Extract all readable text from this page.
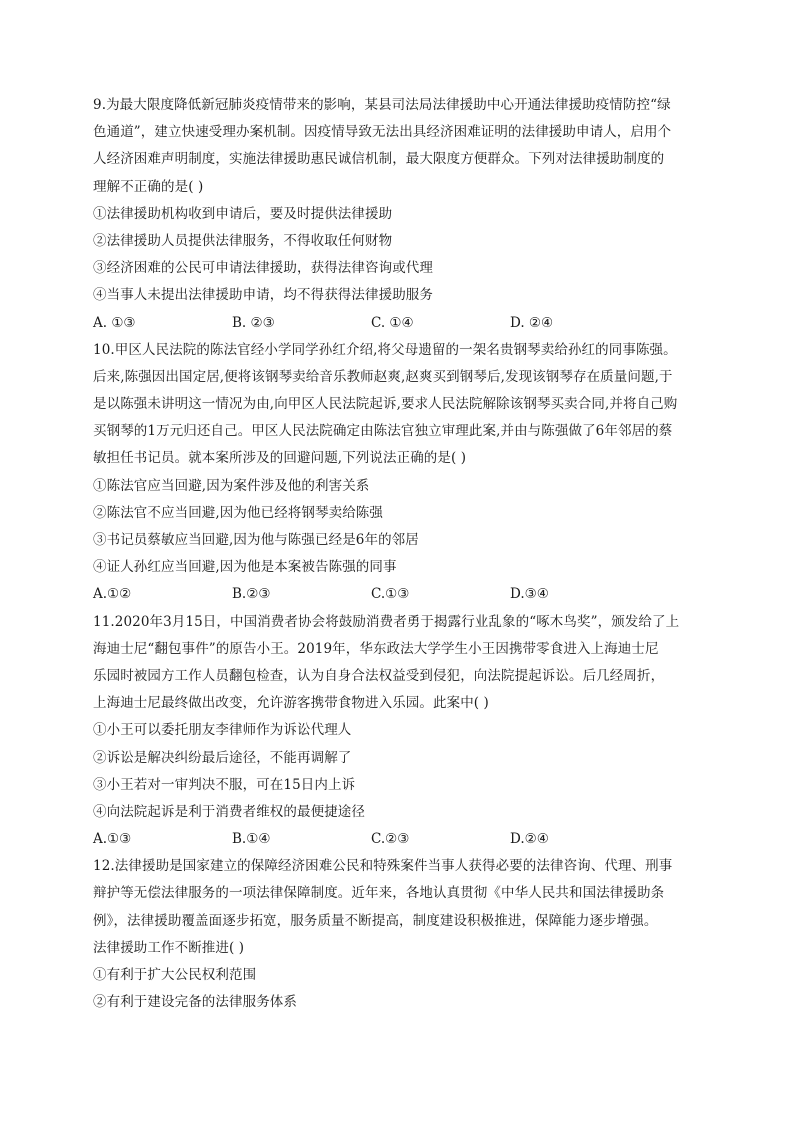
9.为最大限度降低新冠肺炎疫情带来的影响，某县司法局法律援助中心开通法律援助疫情防控“绿
色通道”，建立快速受理办案机制。因疫情导致无法出具经济困难证明的法律援助申请人，启用个
人经济困难声明制度，实施法律援助惠民诚信机制，最大限度方便群众。下列对法律援助制度的
理解不正确的是( )
①法律援助机构收到申请后，要及时提供法律援助
②法律援助人员提供法律服务，不得收取任何财物
③经济困难的公民可申请法律援助，获得法律咨询或代理
④当事人未提出法律援助申请，均不得获得法律援助服务
A. ①③	B. ②③	C. ①④	D. ②④
10.甲区人民法院的陈法官经小学同学孙红介绍,将父母遗留的一架名贵钢琴卖给孙红的同事陈强。
后来,陈强因出国定居,便将该钢琴卖给音乐教师赵爽,赵爽买到钢琴后,发现该钢琴存在质量问题,于
是以陈强未讲明这一情况为由,向甲区人民法院起诉,要求人民法院解除该钢琴买卖合同,并将自己购
买钢琴的1万元归还自己。甲区人民法院确定由陈法官独立审理此案,并由与陈强做了6年邻居的蔡
敏担任书记员。就本案所涉及的回避问题,下列说法正确的是( )
①陈法官应当回避,因为案件涉及他的利害关系
②陈法官不应当回避,因为他已经将钢琴卖给陈强
③书记员蔡敏应当回避,因为他与陈强已经是6年的邻居
④证人孙红应当回避,因为他是本案被告陈强的同事
A.①②	B.②③	C.①③	D.③④
11.2020年3月15日，中国消费者协会将鼓励消费者勇于揭露行业乱象的“啄木鸟奖”，颁发给了上
海迪士尼“翻包事件”的原告小王。2019年，华东政法大学学生小王因携带零食进入上海迪士尼
乐园时被园方工作人员翻包检查，认为自身合法权益受到侵犯，向法院提起诉讼。后几经周折，
上海迪士尼最终做出改变，允许游客携带食物进入乐园。此案中( )
①小王可以委托朋友李律师作为诉讼代理人
②诉讼是解决纠纷最后途径，不能再调解了
③小王若对一审判决不服，可在15日内上诉
④向法院起诉是利于消费者维权的最便捷途径
A.①③	B.①④	C.②③	D.②④
12.法律援助是国家建立的保障经济困难公民和特殊案件当事人获得必要的法律咨询、代理、刑事
辩护等无偿法律服务的一项法律保障制度。近年来，各地认真贯彻《中华人民共和国法律援助条
例》，法律援助覆盖面逐步拓宽，服务质量不断提高，制度建设积极推进，保障能力逐步增强。
法律援助工作不断推进( )
①有利于扩大公民权利范围
②有利于建设完备的法律服务体系
